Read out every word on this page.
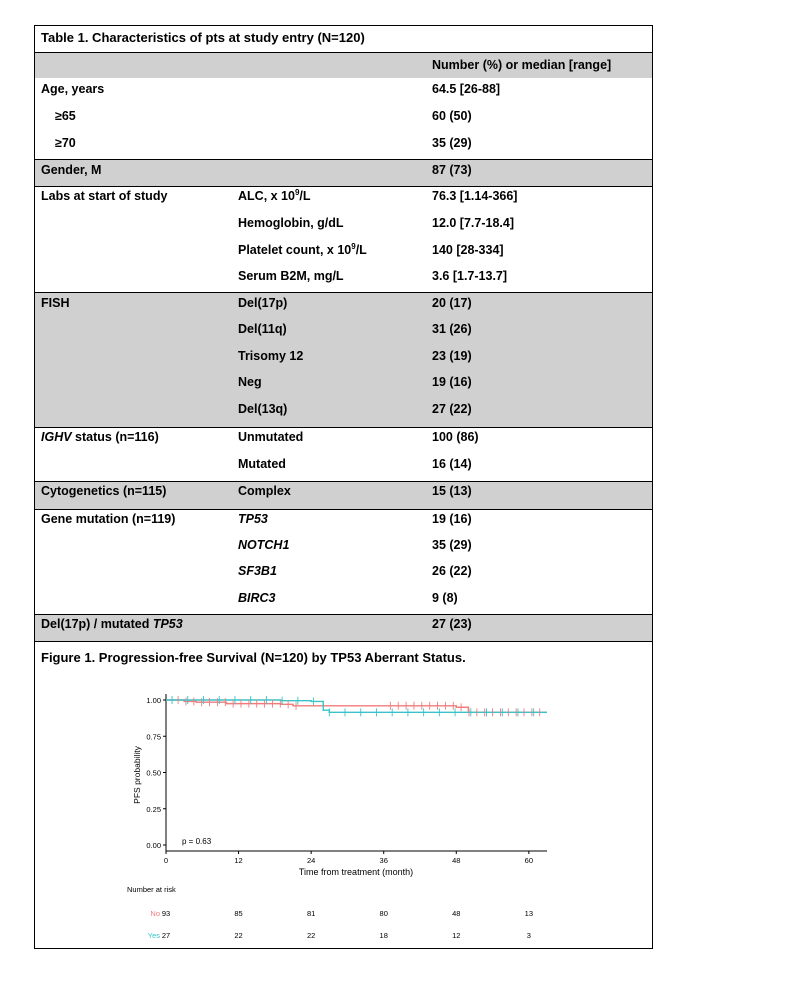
Table 1. Characteristics of pts at study entry (N=120)
Number (%) or median [range]
Age, years	64.5 [26-88]
≥65	60 (50)
≥70	35 (29)
Gender, M	87 (73)
Labs at start of study	ALC, x $10^9/L$	76.3 [1.14-366]
Hemoglobin, g/dL	12.0 [7.7-18.4]
Platelet count, x $10^9/L$	140 [28-334]
Serum B2M, mg/L	3.6 [1.7-13.7]
FISH	Del(17p)	20 (17)
Del(11q)	31 (26)
Trisomy 12	23 (19)
Neg	19 (16)
Del(13q)	27 (22)
IGHV status (n=116)	Unmutated	100 (86)
Mutated	16 (14)
Cytogenetics (n=115)	Complex	15 (13)
Gene mutation (n=119)	TP53	19 (16)
NOTCH1	35 (29)
SF3B1	26 (22)
BIRC3	9 (8)
Del(17p) / mutated TP53	27 (23)
Figure 1. Progression-free Survival (N=120) by TP53 Aberrant Status.
0.00
0.25
0.50
0.75
1.00
0	12	24	36	48	60
p = 0.63
Time from treatment (month)
PFS probability
Number at risk
No 93	85	81	80	48	13
Yes 27	22	22	18	12	3
